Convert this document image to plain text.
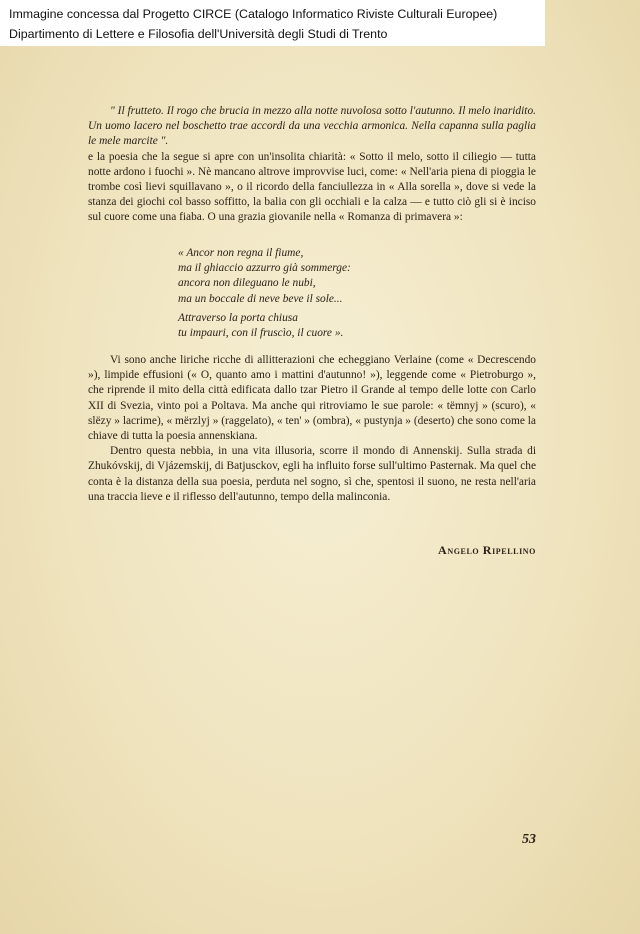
Immagine concessa dal Progetto CIRCE (Catalogo Informatico Riviste Culturali Europee)
Dipartimento di Lettere e Filosofia dell'Università degli Studi di Trento

" Il frutteto. Il rogo che brucia in mezzo alla notte nuvolosa sotto l'autunno. Il melo inaridito. Un uomo lacero nel boschetto trae accordi da una vecchia armonica. Nella capanna sulla paglia le mele marcite ".

e la poesia che la segue si apre con un'insolita chiarità: « Sotto il melo, sotto il ciliegio — tutta notte ardono i fuochi ». Nè mancano altrove improvvise luci, come: « Nell'aria piena di pioggia le trombe così lievi squillavano », o il ricordo della fanciullezza in « Alla sorella », dove si vede la stanza dei giochi col basso soffitto, la balia con gli occhiali e la calza — e tutto ciò gli si è inciso sul cuore come una fiaba. O una grazia giovanile nella « Romanza di primavera »:

« Ancor non regna il fiume,
ma il ghiaccio azzurro già sommerge:
ancora non dileguano le nubi,
ma un boccale di neve beve il sole...
Attraverso la porta chiusa
tu impauri, con il fruscìo, il cuore ».

Vi sono anche liriche ricche di allitterazioni che echeggiano Verlaine (come « Decrescendo »), limpide effusioni (« O, quanto amo i mattini d'autunno! »), leggende come « Pietroburgo », che riprende il mito della città edificata dallo tzar Pietro il Grande al tempo delle lotte con Carlo XII di Svezia, vinto poi a Poltava. Ma anche qui ritroviamo le sue parole: « tëmnyj » (scuro), « slëzy » lacrime), « mërzlyj » (raggelato), « ten' » (ombra), « pustynja » (deserto) che sono come la chiave di tutta la poesia annenskiana.

Dentro questa nebbia, in una vita illusoria, scorre il mondo di Annenskij. Sulla strada di Zhukóvskij, di Vjázemskij, di Batjusckov, egli ha influito forse sull'ultimo Pasternak. Ma quel che conta è la distanza della sua poesia, perduta nel sogno, sì che, spentosi il suono, ne resta nell'aria una traccia lieve e il riflesso dell'autunno, tempo della malinconia.

Angelo Ripellino
53
